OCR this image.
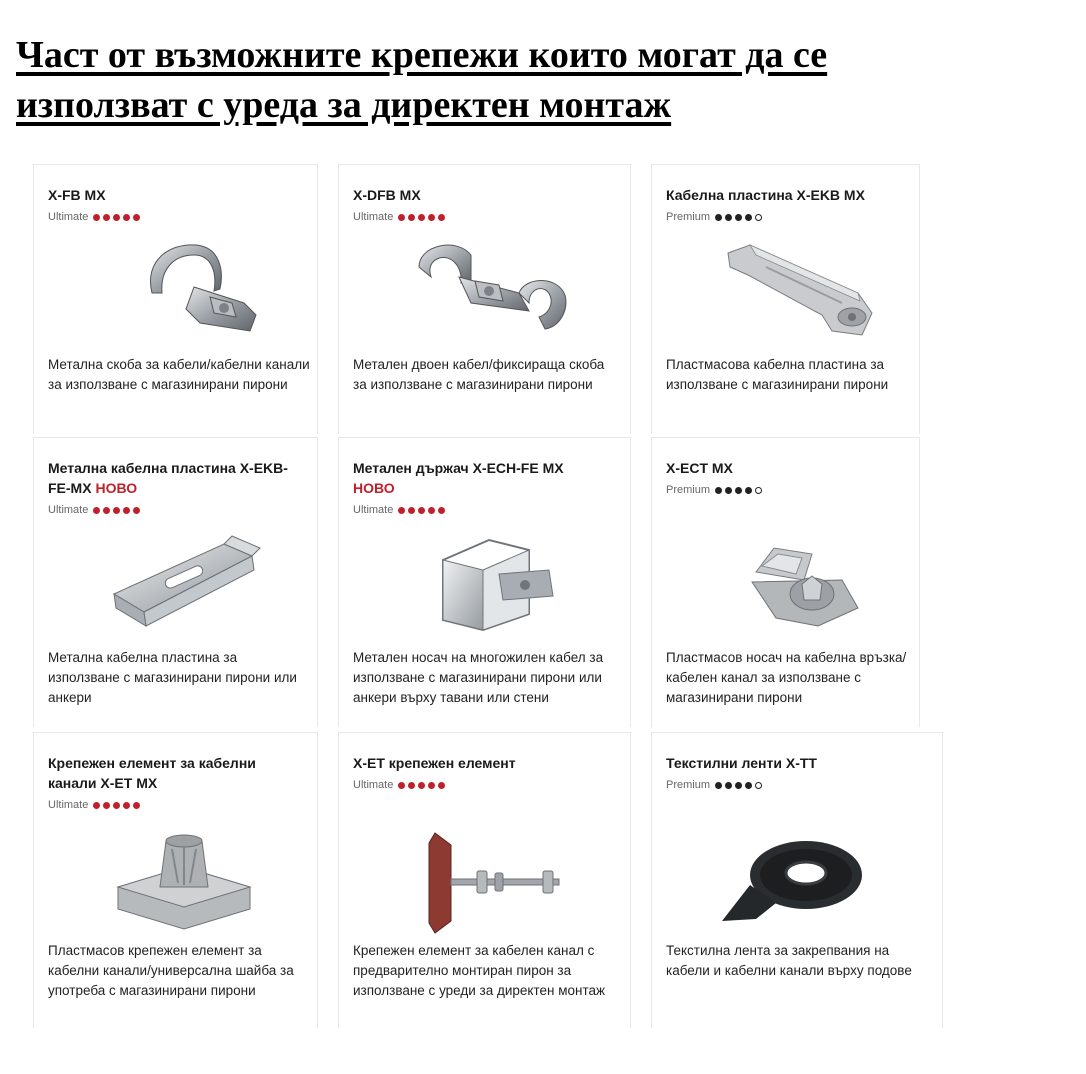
Част от възможните крепежи които могат да се
използват с уреда за директен монтаж
X-FB MX
Ultimate
Метална скоба за кабели/кабелни канали за използване с магазинирани пирони
X-DFB MX
Ultimate
Метален двоен кабел/фиксираща скоба за използване с магазинирани пирони
Кабелна пластина X-EKB MX
Premium
Пластмасова кабелна пластина за използване с магазинирани пирони
Метална кабелна пластина X-EKB-FE-MX НОВО
Ultimate
Метална кабелна пластина за използване с магазинирани пирони или анкери
Метален държач X-ECH-FE MX
НОВО
Ultimate
Метален носач на многожилен кабел за използване с магазинирани пирони или анкери върху тавани или стени
X-ECT MX
Premium
Пластмасов носач на кабелна връзка/кабелен канал за използване с магазинирани пирони
Крепежен елемент за кабелни канали X-ET MX
Ultimate
Пластмасов крепежен елемент за кабелни канали/универсална шайба за употреба с магазинирани пирони
X-ET крепежен елемент
Ultimate
Крепежен елемент за кабелен канал с предварително монтиран пирон за използване с уреди за директен монтаж
Текстилни ленти X-TT
Premium
Текстилна лента за закрепвания на кабели и кабелни канали върху подове
